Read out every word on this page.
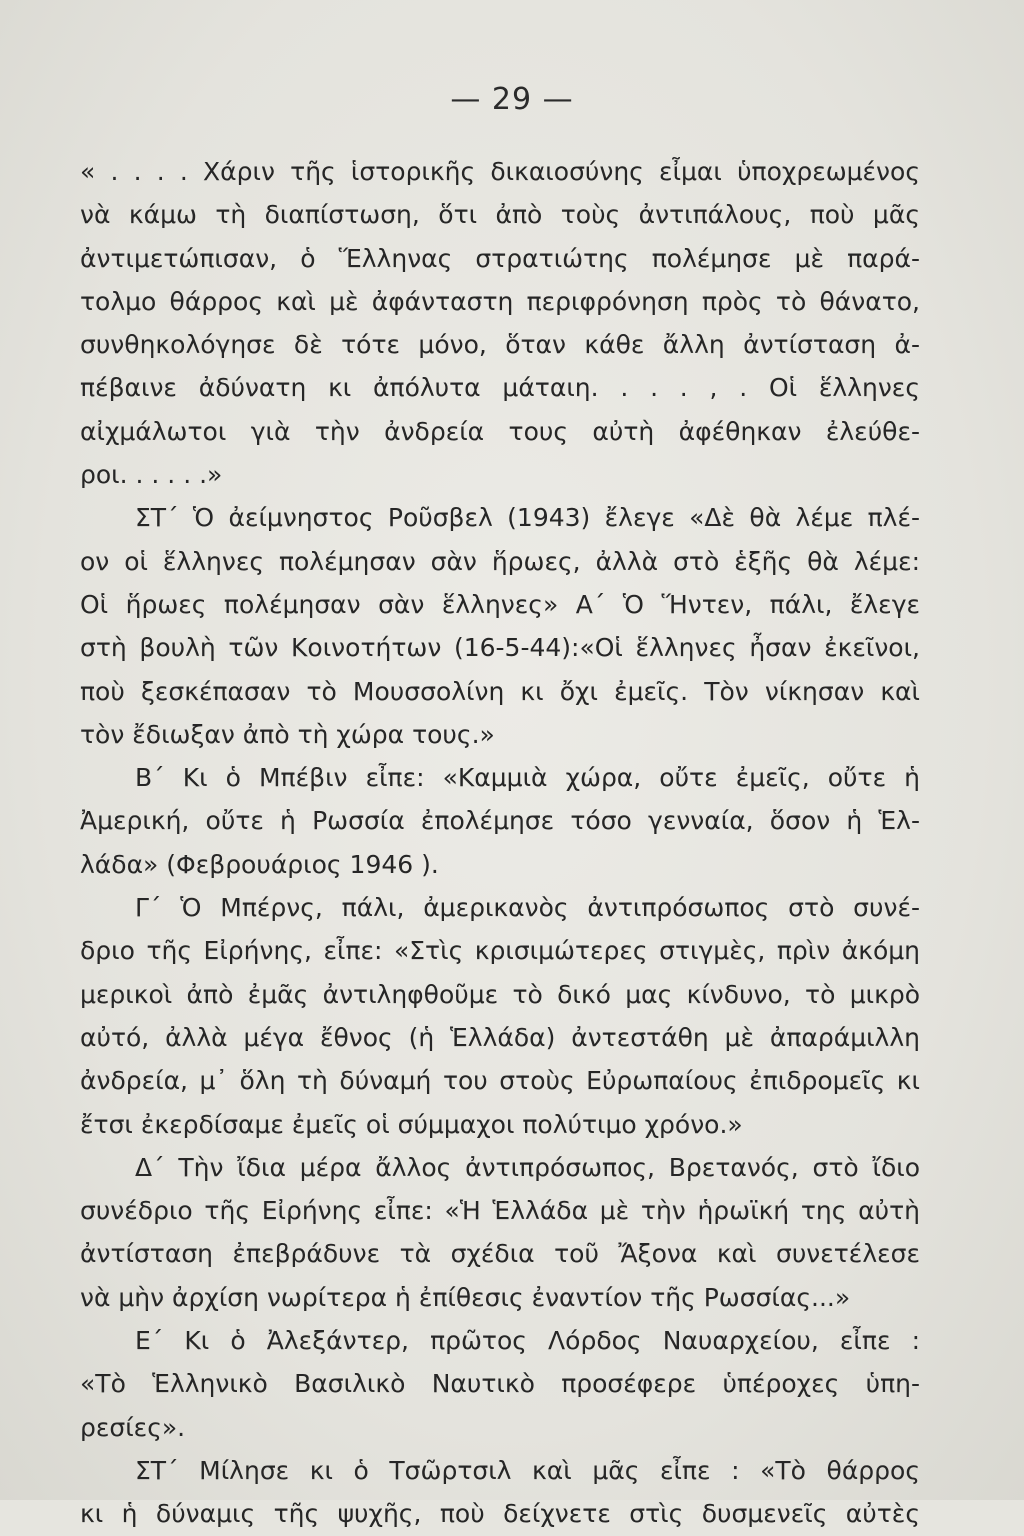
— 29 —
« . . . . Χάριν τῆς ἱστορικῆς δικαιοσύνης εἶμαι ὑποχρεωμένος
νὰ κάμω τὴ διαπίστωση, ὅτι ἀπὸ τοὺς ἀντιπάλους, ποὺ μᾶς
ἀντιμετώπισαν, ὁ Ἕλληνας στρατιώτης πολέμησε μὲ παρά-
τολμο θάρρος καὶ μὲ ἀφάνταστη περιφρόνηση πρὸς τὸ θάνατο,
συνθηκολόγησε δὲ τότε μόνο, ὅταν κάθε ἄλλη ἀντίσταση ἀ-
πέβαινε ἀδύνατη κι ἀπόλυτα μάταιη. . . . , . Οἱ ἕλληνες
αἰχμάλωτοι γιὰ τὴν ἀνδρεία τους αὐτὴ ἀφέθηκαν ἐλεύθε-
ροι. . . . . .»
ΣΤ΄ Ὁ ἀείμνηστος Ροῦσβελ (1943) ἔλεγε «Δὲ θὰ λέμε πλέ-
ον οἱ ἕλληνες πολέμησαν σὰν ἥρωες, ἀλλὰ στὸ ἑξῆς θὰ λέμε:
Οἱ ἥρωες πολέμησαν σὰν ἕλληνες» Α΄ Ὁ Ἥντεν, πάλι, ἔλεγε
στὴ βουλὴ τῶν Κοινοτήτων (16-5-44):«Οἱ ἕλληνες ἦσαν ἐκεῖνοι,
ποὺ ξεσκέπασαν τὸ Μουσσολίνη κι ὄχι ἐμεῖς. Τὸν νίκησαν καὶ
τὸν ἔδιωξαν ἀπὸ τὴ χώρα τους.»
Β΄ Κι ὁ Μπέβιν εἶπε: «Καμμιὰ χώρα, οὔτε ἐμεῖς, οὔτε ἡ
Ἀμερική, οὔτε ἡ Ρωσσία ἐπολέμησε τόσο γενναία, ὅσον ἡ Ἑλ-
λάδα» (Φεβρουάριος 1946 ).
Γ΄ Ὁ Μπέρνς, πάλι, ἀμερικανὸς ἀντιπρόσωπος στὸ συνέ-
δριο τῆς Εἰρήνης, εἶπε: «Στὶς κρισιμώτερες στιγμὲς, πρὶν ἀκόμη
μερικοὶ ἀπὸ ἐμᾶς ἀντιληφθοῦμε τὸ δικό μας κίνδυνο, τὸ μικρὸ
αὐτό, ἀλλὰ μέγα ἔθνος (ἡ Ἑλλάδα) ἀντεστάθη μὲ ἀπαράμιλλη
ἀνδρεία, μ᾿ ὅλη τὴ δύναμή του στοὺς Εὐρωπαίους ἐπιδρομεῖς κι
ἔτσι ἐκερδίσαμε ἐμεῖς οἱ σύμμαχοι πολύτιμο χρόνο.»
Δ΄ Τὴν ἴδια μέρα ἄλλος ἀντιπρόσωπος, Βρετανός, στὸ ἴδιο
συνέδριο τῆς Εἰρήνης εἶπε: «Ἡ Ἑλλάδα μὲ τὴν ἡρωϊκή της αὐτὴ
ἀντίσταση ἐπεβράδυνε τὰ σχέδια τοῦ Ἄξονα καὶ συνετέλεσε
νὰ μὴν ἀρχίση νωρίτερα ἡ ἐπίθεσις ἐναντίον τῆς Ρωσσίας...»
Ε΄ Κι ὁ Ἀλεξάντερ, πρῶτος Λόρδος Ναυαρχείου, εἶπε :
«Τὸ Ἑλληνικὸ Βασιλικὸ Ναυτικὸ προσέφερε ὑπέροχες ὑπη-
ρεσίες».
ΣΤ΄ Μίλησε κι ὁ Τσῶρτσιλ καὶ μᾶς εἶπε : «Τὸ θάρρος
κι ἡ δύναμις τῆς ψυχῆς, ποὺ δείχνετε στὶς δυσμενεῖς αὐτὲς
